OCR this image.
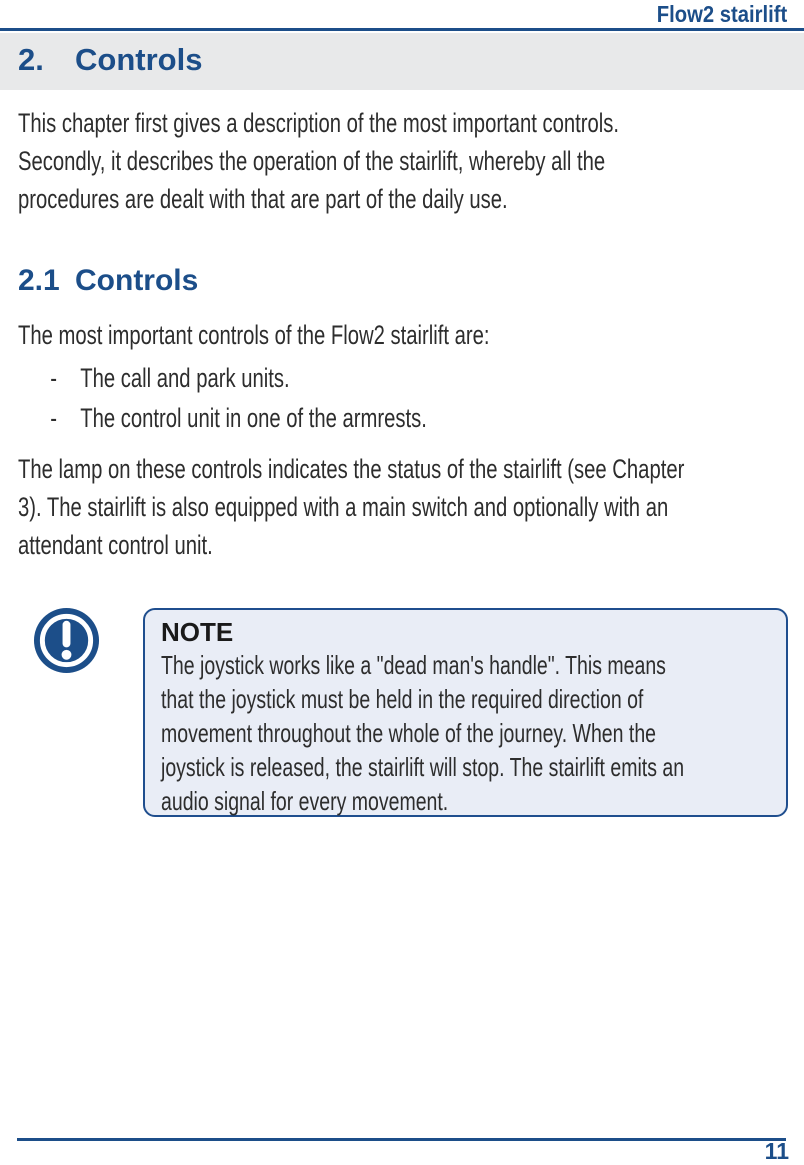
Flow2 stairlift
2. Controls
This chapter first gives a description of the most important controls.
Secondly, it describes the operation of the stairlift, whereby all the
procedures are dealt with that are part of the daily use.
2.1 Controls
The most important controls of the Flow2 stairlift are:
- The call and park units.
- The control unit in one of the armrests.
The lamp on these controls indicates the status of the stairlift (see Chapter
3). The stairlift is also equipped with a main switch and optionally with an
attendant control unit.
NOTE
The joystick works like a "dead man's handle". This means
that the joystick must be held in the required direction of
movement throughout the whole of the journey. When the
joystick is released, the stairlift will stop. The stairlift emits an
audio signal for every movement.
11
